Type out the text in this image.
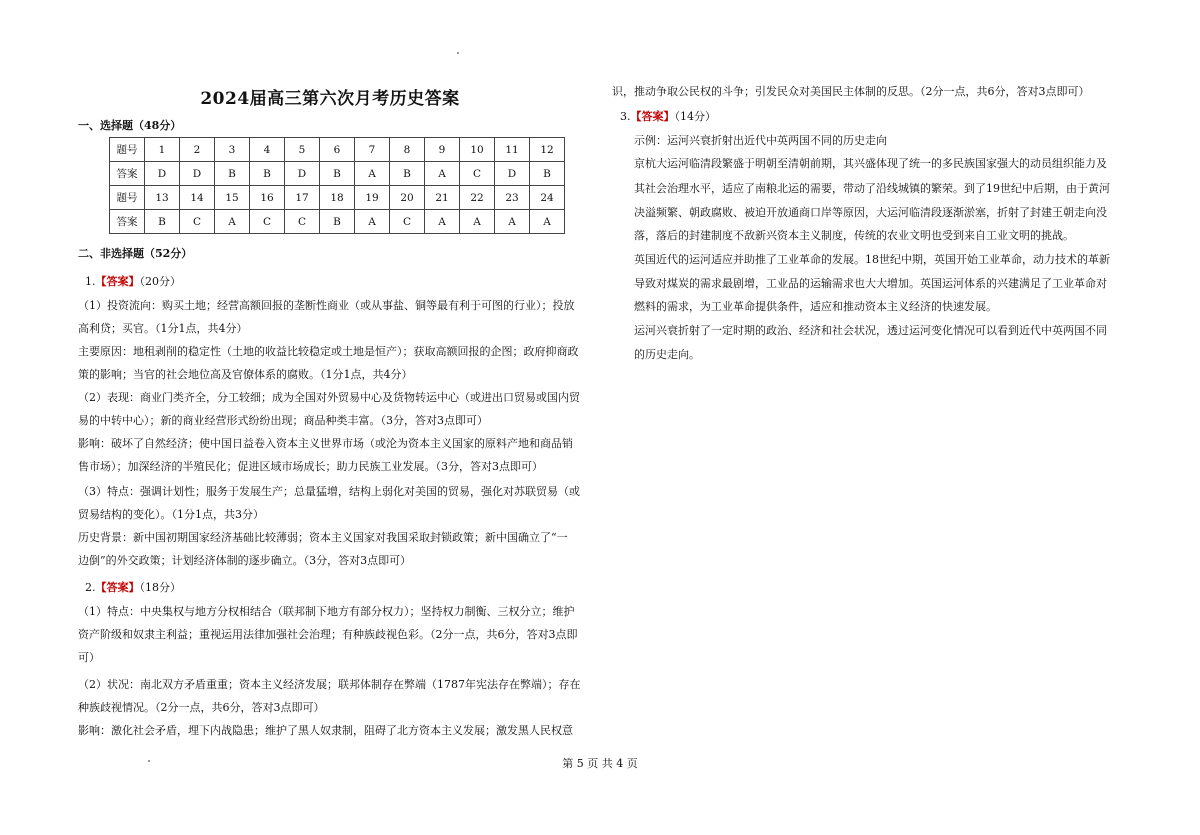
2024届高三第六次月考历史答案
一、选择题（48分）
题号	1	2	3	4	5	6	7	8	9	10	11	12
答案	D	D	B	B	D	B	A	B	A	C	D	B
题号	13	14	15	16	17	18	19	20	21	22	23	24
答案	B	C	A	C	C	B	A	C	A	A	A	A
二、非选择题（52分）
1.【答案】（20分）
（1）投资流向：购买土地；经营高额回报的垄断性商业（或从事盐、铜等最有利于可图的行业）；投放
高利贷；买官。（1分1点，共4分）
主要原因：地租剥削的稳定性（土地的收益比较稳定或土地是恒产）；获取高额回报的企图；政府抑商政
策的影响；当官的社会地位高及官僚体系的腐败。（1分1点，共4分）
（2）表现：商业门类齐全，分工较细；成为全国对外贸易中心及货物转运中心（或进出口贸易或国内贸
易的中转中心）；新的商业经营形式纷纷出现；商品种类丰富。（3分，答对3点即可）
影响：破坏了自然经济；使中国日益卷入资本主义世界市场（或沦为资本主义国家的原料产地和商品销
售市场）；加深经济的半殖民化；促进区域市场成长；助力民族工业发展。（3分，答对3点即可）
（3）特点：强调计划性；服务于发展生产；总量猛增，结构上弱化对美国的贸易，强化对苏联贸易（或
贸易结构的变化）。（1分1点，共3分）
历史背景：新中国初期国家经济基础比较薄弱；资本主义国家对我国采取封锁政策；新中国确立了“一
边倒”的外交政策；计划经济体制的逐步确立。（3分，答对3点即可）
2.【答案】（18分）
（1）特点：中央集权与地方分权相结合（联邦制下地方有部分权力）；坚持权力制衡、三权分立；维护
资产阶级和奴隶主利益；重视运用法律加强社会治理；有种族歧视色彩。（2分一点，共6分，答对3点即
可）
（2）状况：南北双方矛盾重重；资本主义经济发展；联邦体制存在弊端（1787年宪法存在弊端）；存在
种族歧视情况。（2分一点，共6分，答对3点即可）
影响：激化社会矛盾，埋下内战隐患；维护了黑人奴隶制，阻碍了北方资本主义发展；激发黑人民权意
识，推动争取公民权的斗争；引发民众对美国民主体制的反思。（2分一点，共6分，答对3点即可）
3.【答案】（14分）
示例：运河兴衰折射出近代中英两国不同的历史走向
京杭大运河临清段繁盛于明朝至清朝前期，其兴盛体现了统一的多民族国家强大的动员组织能力及
其社会治理水平，适应了南粮北运的需要，带动了沿线城镇的繁荣。到了19世纪中后期，由于黄河
决溢频繁、朝政腐败、被迫开放通商口岸等原因，大运河临清段逐渐淤塞，折射了封建王朝走向没
落，落后的封建制度不敌新兴资本主义制度，传统的农业文明也受到来自工业文明的挑战。
英国近代的运河适应并助推了工业革命的发展。18世纪中期，英国开始工业革命，动力技术的革新
导致对煤炭的需求最剧增，工业品的运输需求也大大增加。英国运河体系的兴建满足了工业革命对
燃料的需求，为工业革命提供条件，适应和推动资本主义经济的快速发展。
运河兴衰折射了一定时期的政治、经济和社会状况，透过运河变化情况可以看到近代中英两国不同
的历史走向。
第 5 页 共 4 页
